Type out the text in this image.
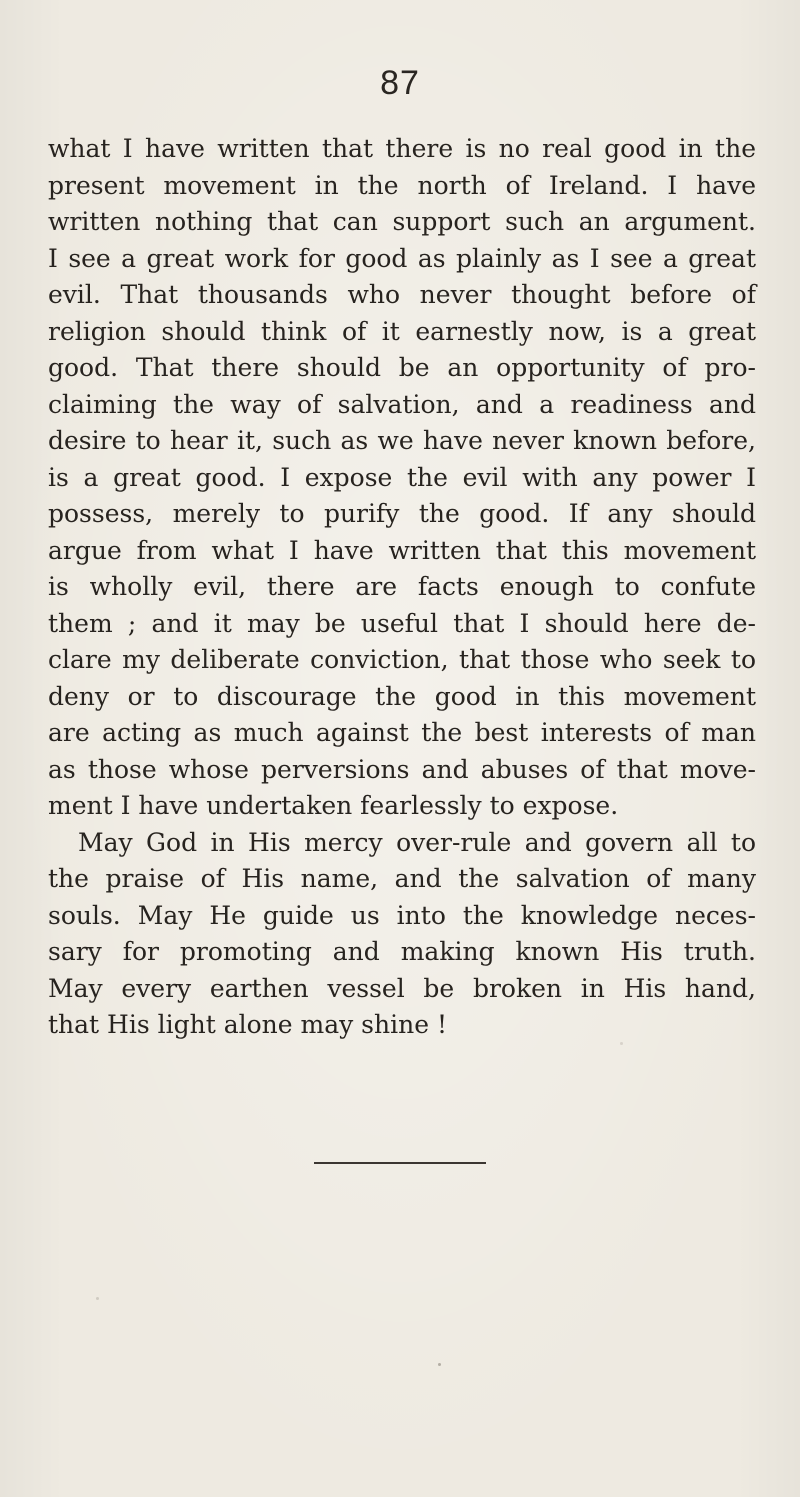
87
what I have written that there is no real good in the
present movement in the north of Ireland. I have
written nothing that can support such an argument.
I see a great work for good as plainly as I see a great
evil. That thousands who never thought before of
religion should think of it earnestly now, is a great
good. That there should be an opportunity of pro-
claiming the way of salvation, and a readiness and
desire to hear it, such as we have never known before,
is a great good. I expose the evil with any power I
possess, merely to purify the good. If any should
argue from what I have written that this movement
is wholly evil, there are facts enough to confute
them ; and it may be useful that I should here de-
clare my deliberate conviction, that those who seek to
deny or to discourage the good in this movement
are acting as much against the best interests of man
as those whose perversions and abuses of that move-
ment I have undertaken fearlessly to expose.
May God in His mercy over-rule and govern all to
the praise of His name, and the salvation of many
souls. May He guide us into the knowledge neces-
sary for promoting and making known His truth.
May every earthen vessel be broken in His hand,
that His light alone may shine !
